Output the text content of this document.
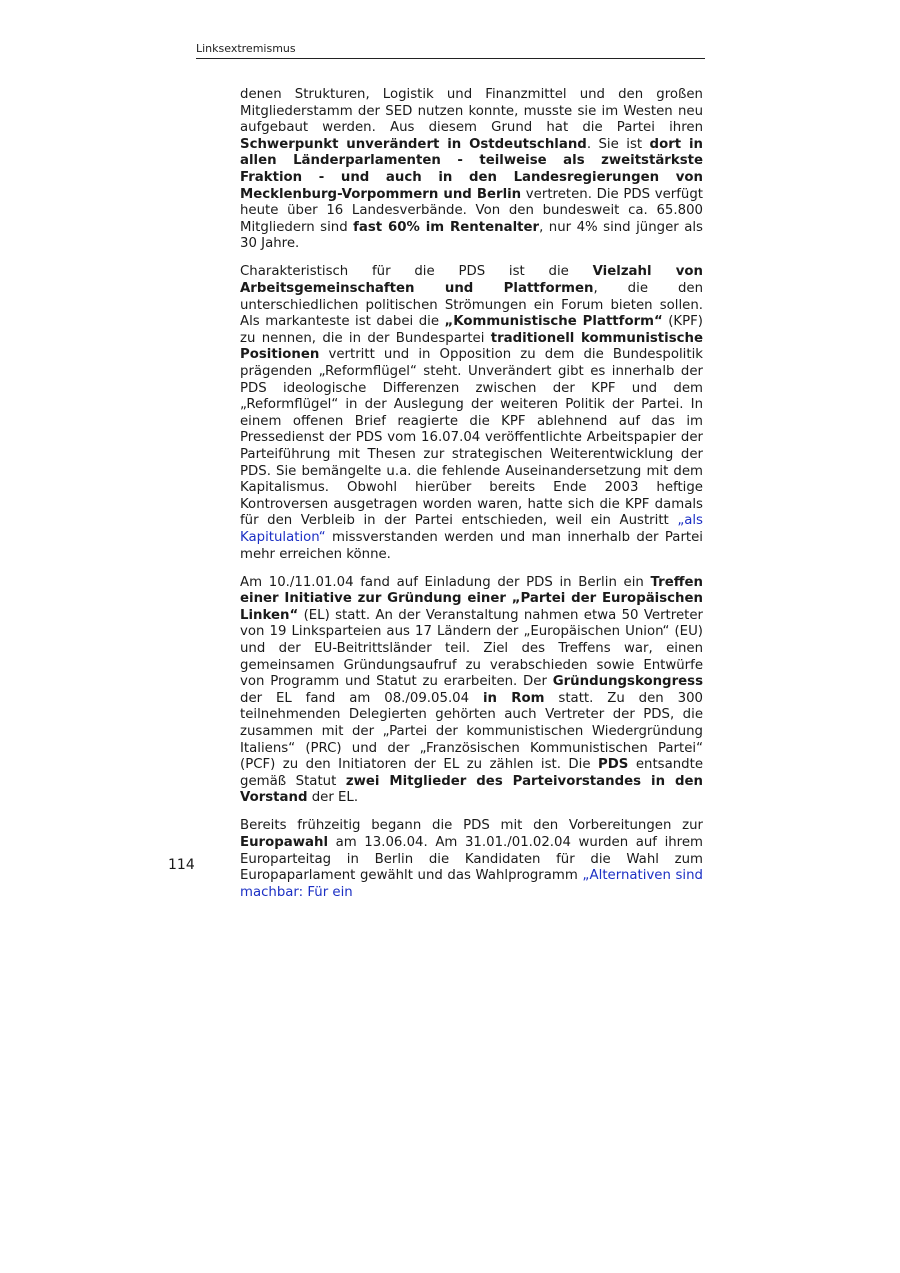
Linksextremismus

denen Strukturen, Logistik und Finanzmittel und den großen Mitgliederstamm der SED nutzen konnte, musste sie im Westen neu aufgebaut werden. Aus diesem Grund hat die Partei ihren Schwerpunkt unverändert in Ostdeutschland. Sie ist dort in allen Länderparlamenten - teilweise als zweitstärkste Fraktion - und auch in den Landesregierungen von Mecklenburg-Vorpommern und Berlin vertreten. Die PDS verfügt heute über 16 Landesverbände. Von den bundesweit ca. 65.800 Mitgliedern sind fast 60% im Rentenalter, nur 4% sind jünger als 30 Jahre.

Charakteristisch für die PDS ist die Vielzahl von Arbeitsgemeinschaften und Plattformen, die den unterschiedlichen politischen Strömungen ein Forum bieten sollen. Als markanteste ist dabei die „Kommunistische Plattform“ (KPF) zu nennen, die in der Bundespartei traditionell kommunistische Positionen vertritt und in Opposition zu dem die Bundespolitik prägenden „Reformflügel“ steht. Unverändert gibt es innerhalb der PDS ideologische Differenzen zwischen der KPF und dem „Reformflügel“ in der Auslegung der weiteren Politik der Partei. In einem offenen Brief reagierte die KPF ablehnend auf das im Pressedienst der PDS vom 16.07.04 veröffentlichte Arbeitspapier der Parteiführung mit Thesen zur strategischen Weiterentwicklung der PDS. Sie bemängelte u.a. die fehlende Auseinandersetzung mit dem Kapitalismus. Obwohl hierüber bereits Ende 2003 heftige Kontroversen ausgetragen worden waren, hatte sich die KPF damals für den Verbleib in der Partei entschieden, weil ein Austritt „als Kapitulation“ missverstanden werden und man innerhalb der Partei mehr erreichen könne.

Am 10./11.01.04 fand auf Einladung der PDS in Berlin ein Treffen einer Initiative zur Gründung einer „Partei der Europäischen Linken“ (EL) statt. An der Veranstaltung nahmen etwa 50 Vertreter von 19 Linksparteien aus 17 Ländern der „Europäischen Union“ (EU) und der EU-Beitrittsländer teil. Ziel des Treffens war, einen gemeinsamen Gründungsaufruf zu verabschieden sowie Entwürfe von Programm und Statut zu erarbeiten. Der Gründungskongress der EL fand am 08./09.05.04 in Rom statt. Zu den 300 teilnehmenden Delegierten gehörten auch Vertreter der PDS, die zusammen mit der „Partei der kommunistischen Wiedergründung Italiens“ (PRC) und der „Französischen Kommunistischen Partei“ (PCF) zu den Initiatoren der EL zu zählen ist. Die PDS entsandte gemäß Statut zwei Mitglieder des Parteivorstandes in den Vorstand der EL.

Bereits frühzeitig begann die PDS mit den Vorbereitungen zur Europawahl am 13.06.04. Am 31.01./01.02.04 wurden auf ihrem Europarteitag in Berlin die Kandidaten für die Wahl zum Europaparlament gewählt und das Wahlprogramm „Alternativen sind machbar: Für ein

114
